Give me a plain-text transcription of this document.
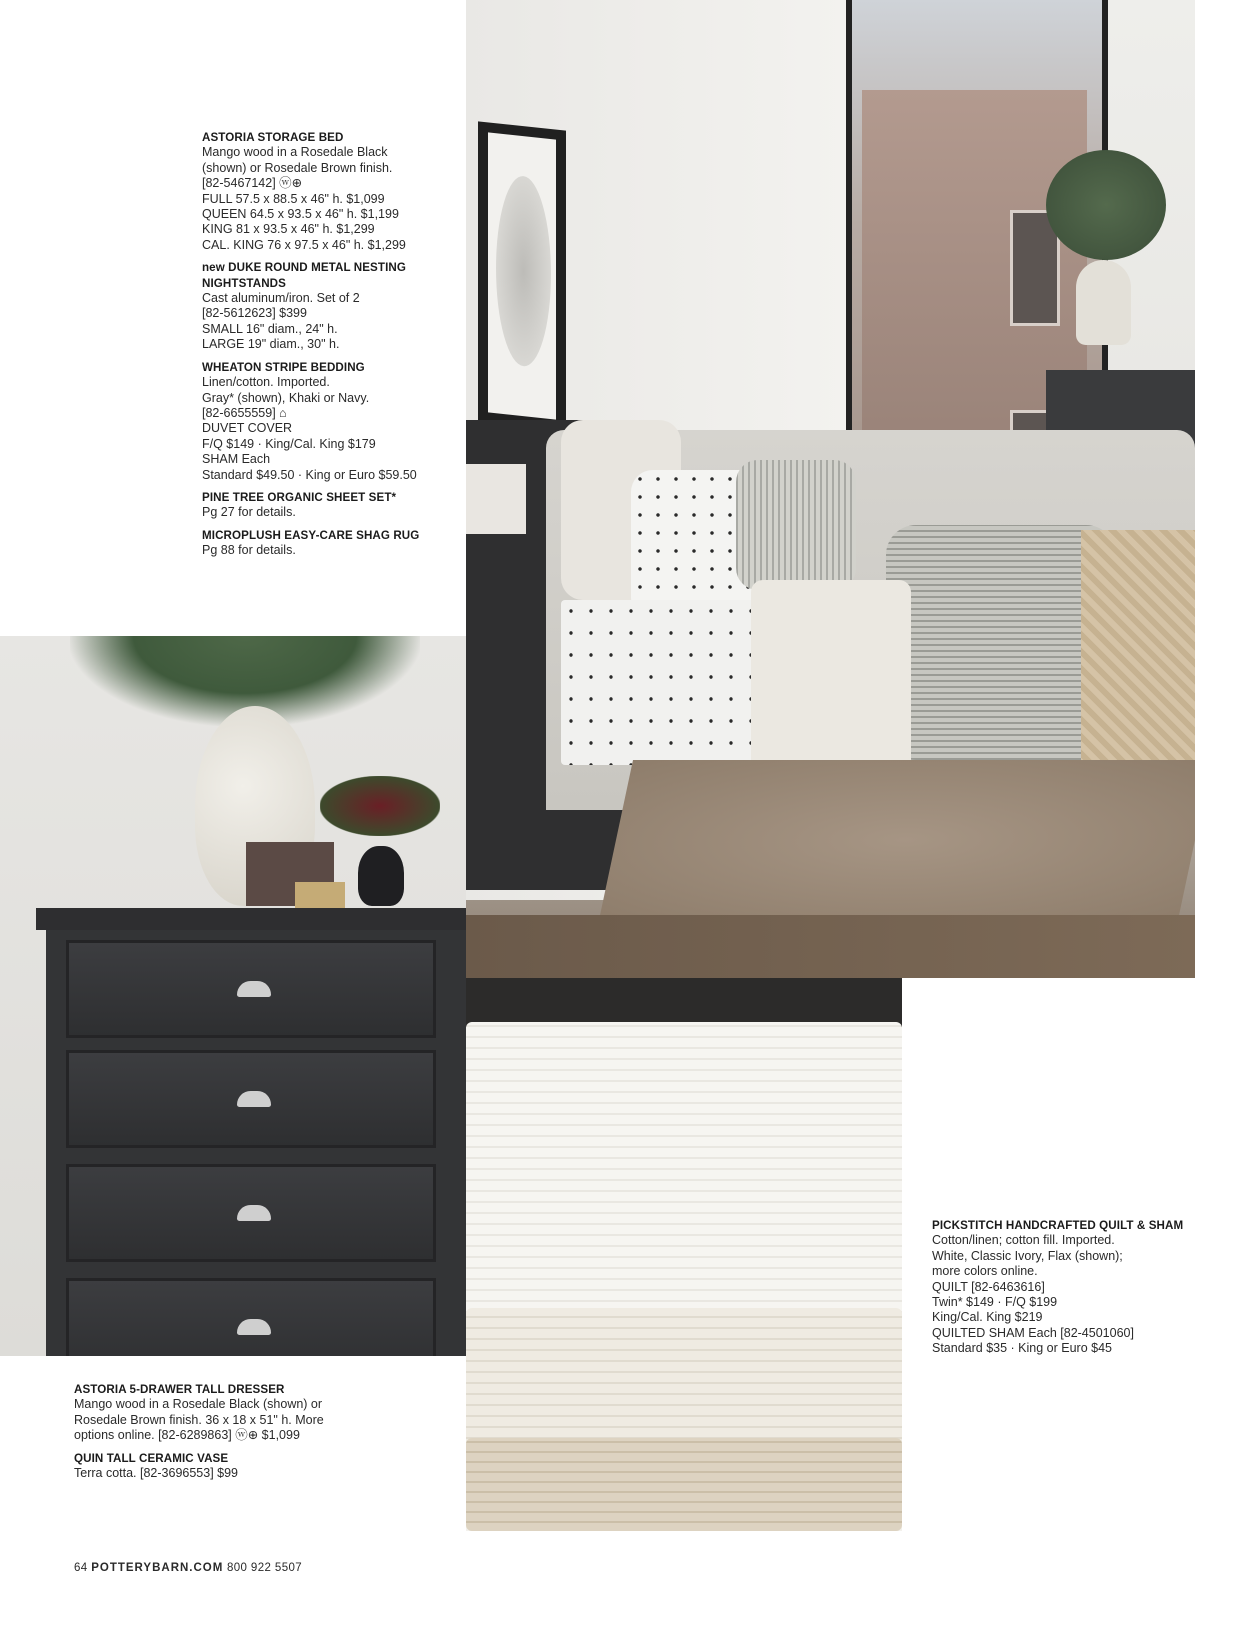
ASTORIA STORAGE BED
Mango wood in a Rosedale Black
(shown) or Rosedale Brown finish.
[82-5467142] ⓦ⊕
FULL 57.5 x 88.5 x 46" h. $1,099
QUEEN 64.5 x 93.5 x 46" h. $1,199
KING 81 x 93.5 x 46" h. $1,299
CAL. KING 76 x 97.5 x 46" h. $1,299
new DUKE ROUND METAL NESTING
NIGHTSTANDS
Cast aluminum/iron. Set of 2
[82-5612623] $399
SMALL 16" diam., 24" h.
LARGE 19" diam., 30" h.
WHEATON STRIPE BEDDING
Linen/cotton. Imported.
Gray* (shown), Khaki or Navy.
[82-6655559] ⌂
DUVET COVER
F/Q $149 · King/Cal. King $179
SHAM Each
Standard $49.50 · King or Euro $59.50
PINE TREE ORGANIC SHEET SET*
Pg 27 for details.
MICROPLUSH EASY-CARE SHAG RUG
Pg 88 for details.
ASTORIA 5-DRAWER TALL DRESSER
Mango wood in a Rosedale Black (shown) or
Rosedale Brown finish. 36 x 18 x 51" h. More
options online. [82-6289863] ⓦ⊕ $1,099
QUIN TALL CERAMIC VASE
Terra cotta. [82-3696553] $99
PICKSTITCH HANDCRAFTED QUILT & SHAM
Cotton/linen; cotton fill. Imported.
White, Classic Ivory, Flax (shown);
more colors online.
QUILT [82-6463616]
Twin* $149 · F/Q $199
King/Cal. King $219
QUILTED SHAM Each [82-4501060]
Standard $35 · King or Euro $45
64 POTTERYBARN.COM 800 922 5507
